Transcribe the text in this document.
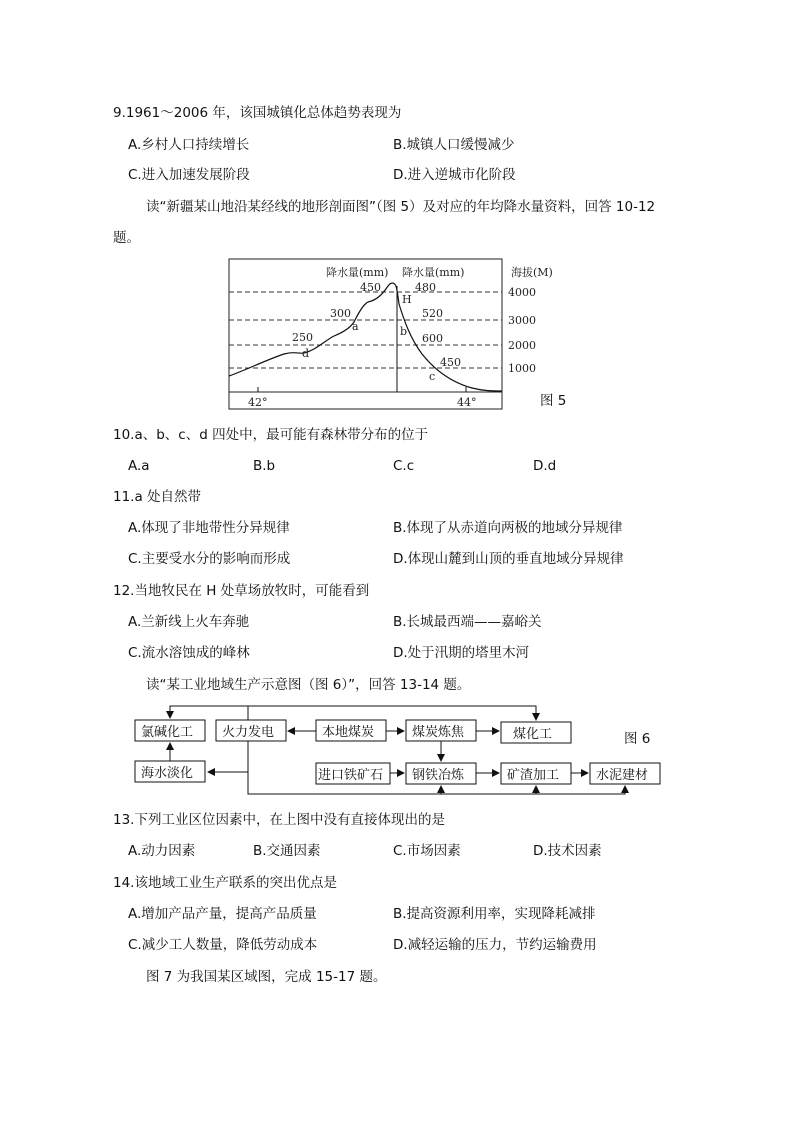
9.1961～2006 年，该国城镇化总体趋势表现为
A.乡村人口持续增长	B.城镇人口缓慢减少
C.进入加速发展阶段	D.进入逆城市化阶段
读“新疆某山地沿某经线的地形剖面图”（图 5）及对应的年均降水量资料，回答 10-12
题。
42°	44°
降水量(mm) 降水量(mm)	海拔(M)
4000
3000
2000
1000
450
300
250
480
520
600
450
H
a	b
c
d
图 5
10.a、b、c、d 四处中，最可能有森林带分布的位于
A.a	B.b	C.c	D.d
11.a 处自然带
A.体现了非地带性分异规律	B.体现了从赤道向两极的地域分异规律
C.主要受水分的影响而形成	D.体现山麓到山顶的垂直地域分异规律
12.当地牧民在 H 处草场放牧时，可能看到
A.兰新线上火车奔驰	B.长城最西端——嘉峪关
C.流水溶蚀成的峰林	D.处于汛期的塔里木河
读“某工业地域生产示意图（图 6）”，回答 13-14 题。
氯碱化工 火力发电	本地煤炭	煤炭炼焦	煤化工
海水淡化	进口铁矿石 钢铁冶炼	矿渣加工	水泥建材
图 6
13.下列工业区位因素中，在上图中没有直接体现出的是
A.动力因素	B.交通因素	C.市场因素	D.技术因素
14.该地域工业生产联系的突出优点是
A.增加产品产量，提高产品质量	B.提高资源利用率，实现降耗减排
C.减少工人数量，降低劳动成本	D.减轻运输的压力，节约运输费用
图 7 为我国某区域图，完成 15-17 题。
